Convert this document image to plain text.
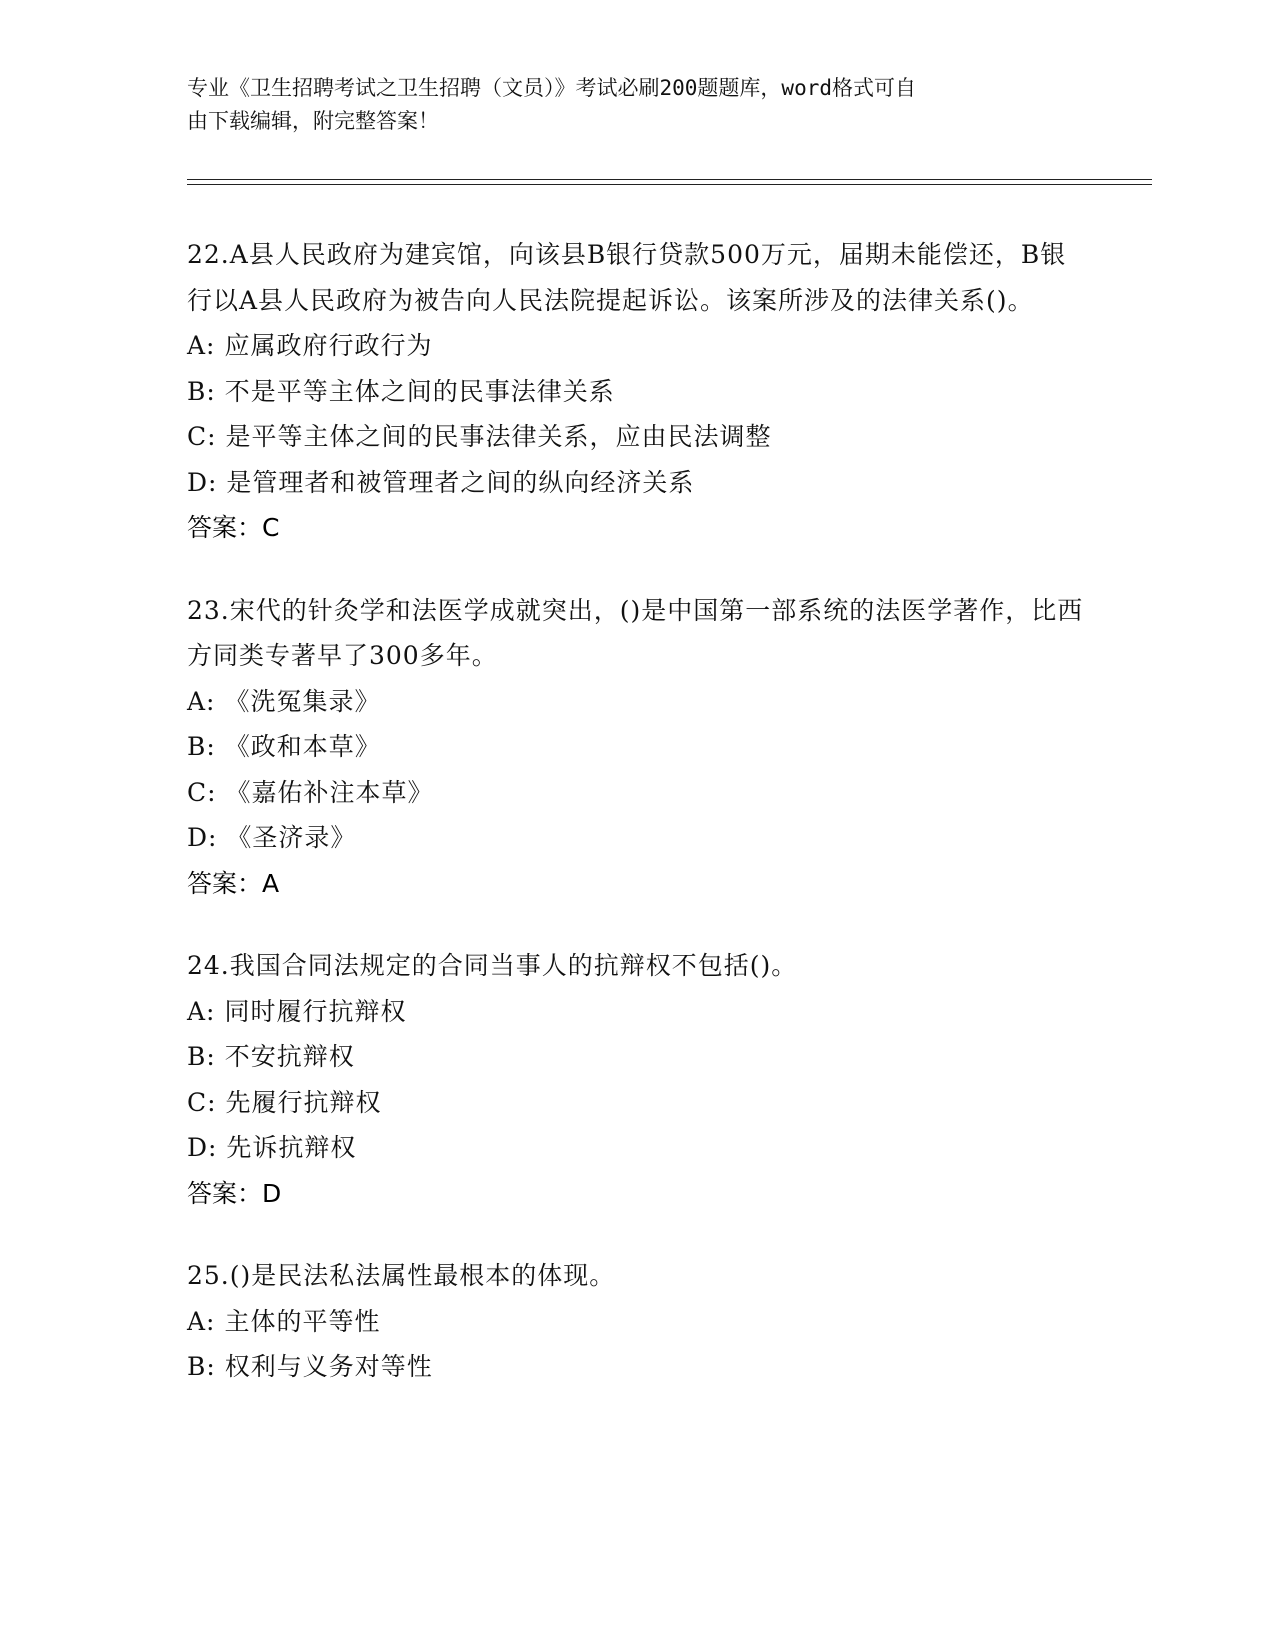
专业《卫生招聘考试之卫生招聘（文员）》考试必刷200题题库，word格式可自
由下载编辑，附完整答案！

22.A县人民政府为建宾馆，向该县B银行贷款500万元，届期未能偿还，B银行以A县人民政府为被告向人民法院提起诉讼。该案所涉及的法律关系()。

A: 应属政府行政行为
B: 不是平等主体之间的民事法律关系
C: 是平等主体之间的民事法律关系，应由民法调整
D: 是管理者和被管理者之间的纵向经济关系

答案：C

23.宋代的针灸学和法医学成就突出，()是中国第一部系统的法医学著作，比西方同类专著早了300多年。

A: 《洗冤集录》
B: 《政和本草》
C: 《嘉佑补注本草》
D: 《圣济录》

答案：A

24.我国合同法规定的合同当事人的抗辩权不包括()。

A: 同时履行抗辩权
B: 不安抗辩权
C: 先履行抗辩权
D: 先诉抗辩权

答案：D

25.()是民法私法属性最根本的体现。

A: 主体的平等性
B: 权利与义务对等性
